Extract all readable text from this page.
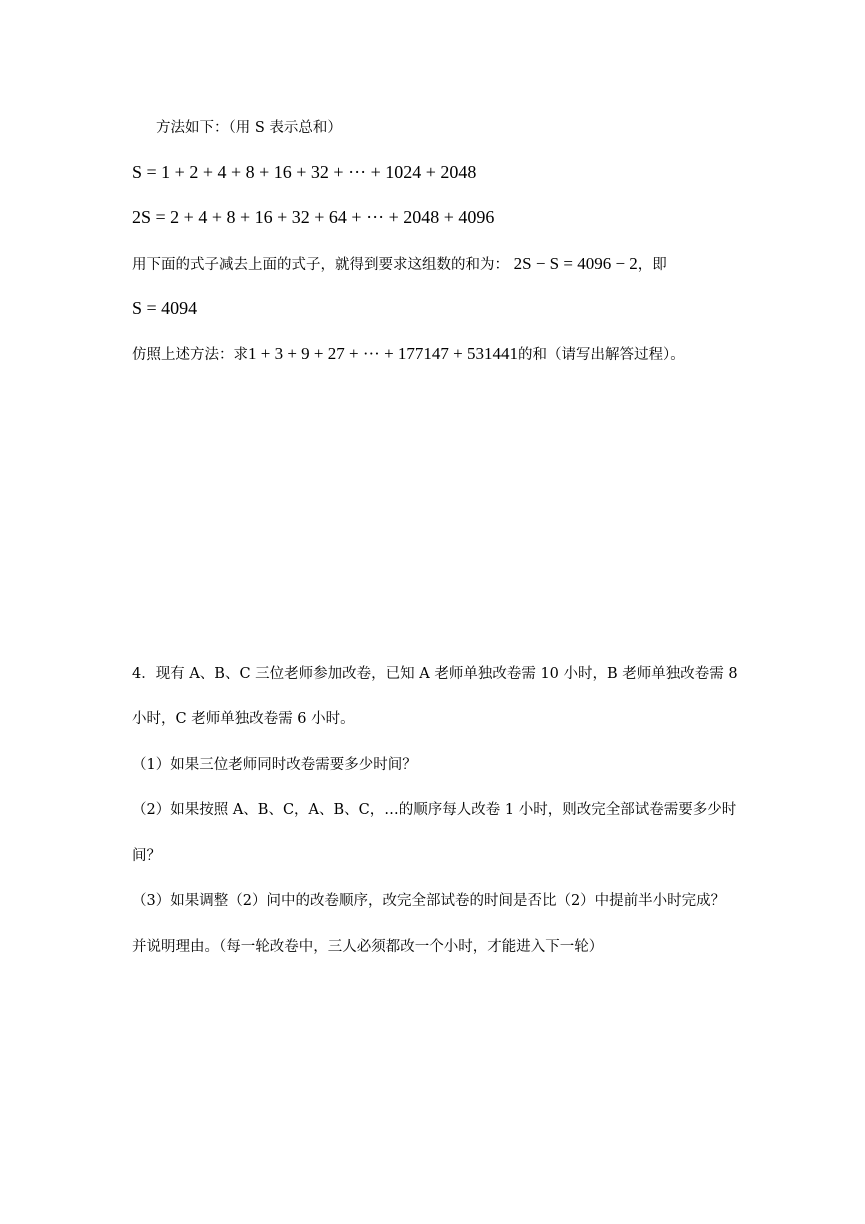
方法如下：（用 S 表示总和）
S = 1 + 2 + 4 + 8 + 16 + 32 + ··· + 1024 + 2048
2S = 2 + 4 + 8 + 16 + 32 + 64 + ··· + 2048 + 4096
用下面的式子减去上面的式子，就得到要求这组数的和为： 2S − S = 4096 − 2，即
S = 4094
仿照上述方法：求1 + 3 + 9 + 27 + ··· + 177147 + 531441的和（请写出解答过程）。
4．现有 A、B、C 三位老师参加改卷，已知 A 老师单独改卷需 10 小时，B 老师单独改卷需 8
小时，C 老师单独改卷需 6 小时。
（1）如果三位老师同时改卷需要多少时间？
（2）如果按照 A、B、C，A、B、C，…的顺序每人改卷 1 小时，则改完全部试卷需要多少时
间？
（3）如果调整（2）问中的改卷顺序，改完全部试卷的时间是否比（2）中提前半小时完成？
并说明理由。（每一轮改卷中，三人必须都改一个小时，才能进入下一轮）
